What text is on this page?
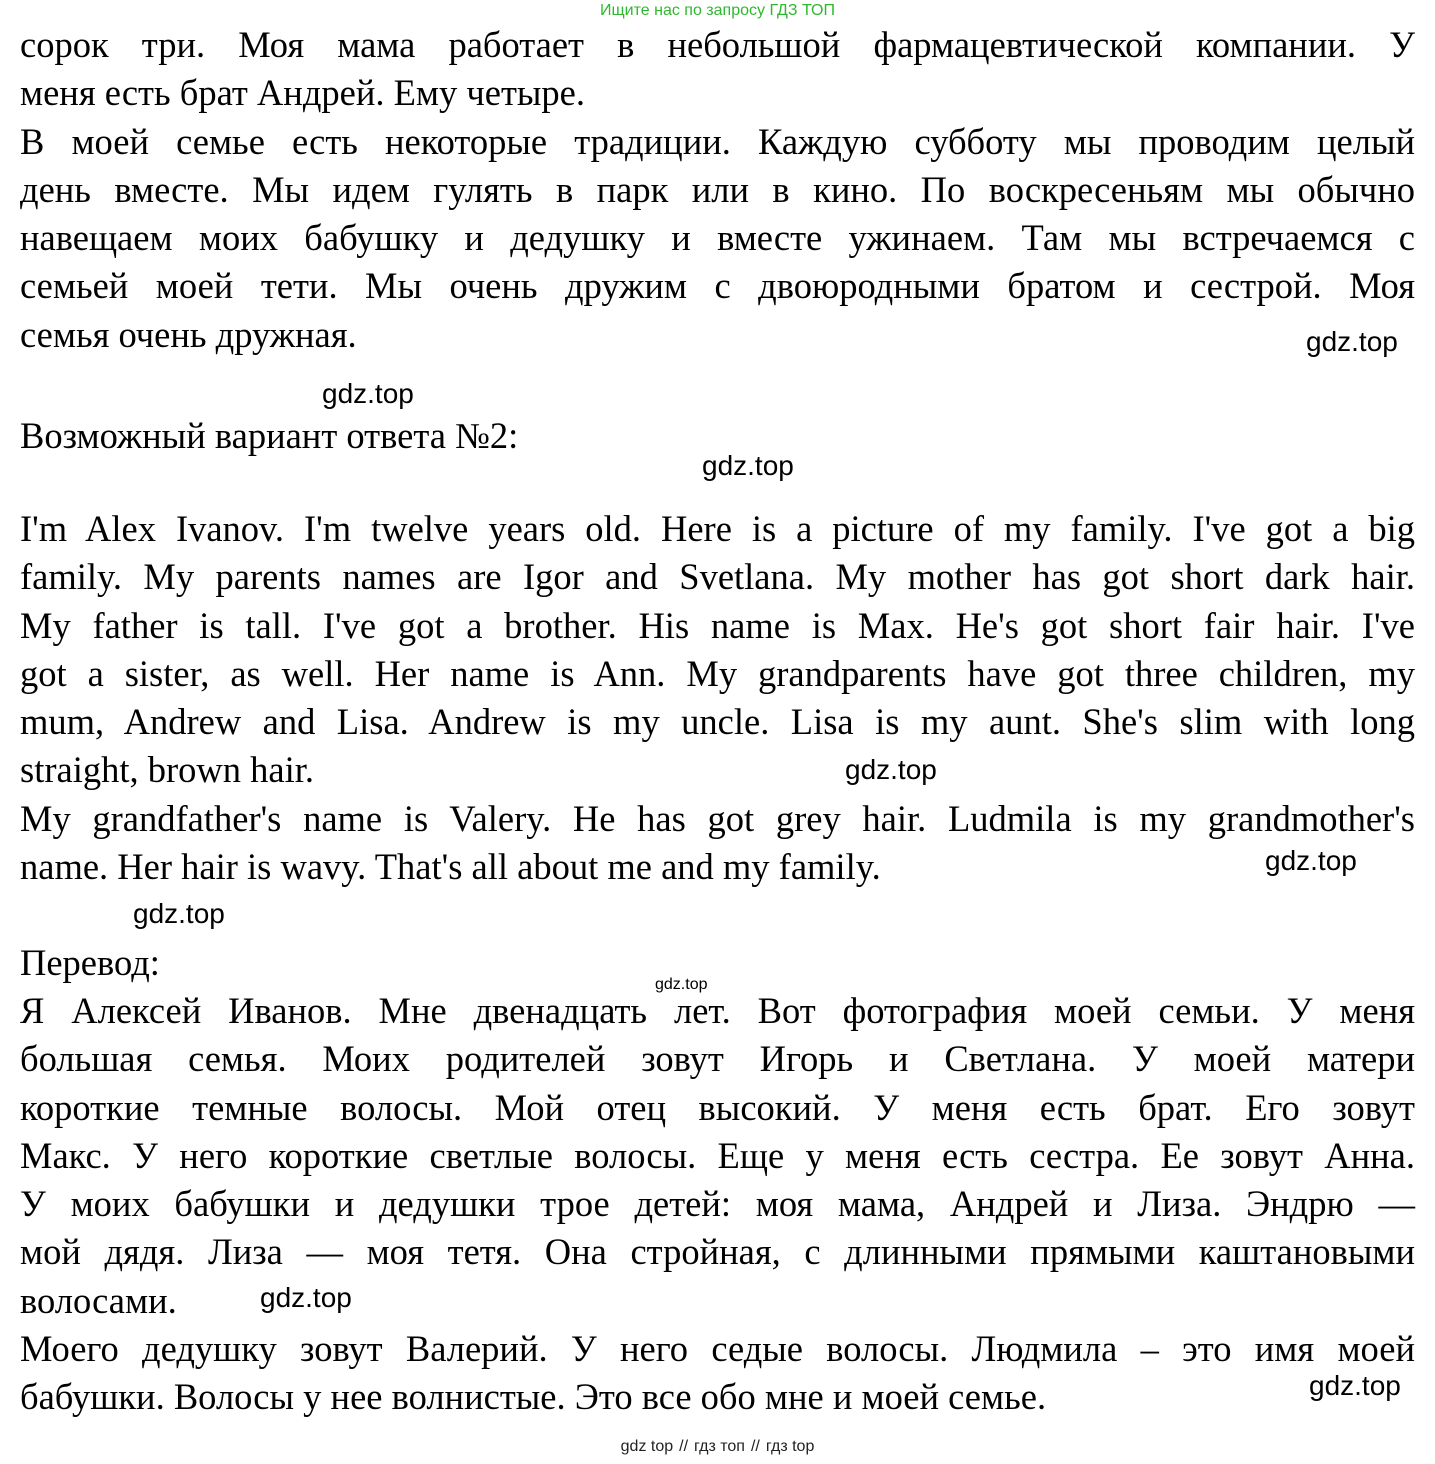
Ищите нас по запросу ГДЗ ТОП
сорок три. Моя мама работает в небольшой фармацевтической компании. У
меня есть брат Андрей. Ему четыре.
В моей семье есть некоторые традиции. Каждую субботу мы проводим целый
день вместе. Мы идем гулять в парк или в кино. По воскресеньям мы обычно
навещаем моих бабушку и дедушку и вместе ужинаем. Там мы встречаемся с
семьей моей тети. Мы очень дружим с двоюродными братом и сестрой. Моя
семья очень дружная.
Возможный вариант ответа №2:
I'm Alex Ivanov. I'm twelve years old. Here is a picture of my family. I've got a big
family. My parents names are Igor and Svetlana. My mother has got short dark hair.
My father is tall. I've got a brother. His name is Max. He's got short fair hair. I've
got a sister, as well. Her name is Ann. My grandparents have got three children, my
mum, Andrew and Lisa. Andrew is my uncle. Lisa is my aunt. She's slim with long
straight, brown hair.
My grandfather's name is Valery. He has got grey hair. Ludmila is my grandmother's
name. Her hair is wavy. That's all about me and my family.
Перевод:
Я Алексей Иванов. Мне двенадцать лет. Вот фотография моей семьи. У меня
большая семья. Моих родителей зовут Игорь и Светлана. У моей матери
короткие темные волосы. Мой отец высокий. У меня есть брат. Его зовут
Макс. У него короткие светлые волосы. Еще у меня есть сестра. Ее зовут Анна.
У моих бабушки и дедушки трое детей: моя мама, Андрей и Лиза. Эндрю —
мой дядя. Лиза — моя тетя. Она стройная, с длинными прямыми каштановыми
волосами.
Моего дедушку зовут Валерий. У него седые волосы. Людмила – это имя моей
бабушки. Волосы у нее волнистые. Это все обо мне и моей семье.
gdz.top
gdz.top
gdz.top
gdz.top
gdz.top
gdz.top
gdz.top
gdz.top
gdz.top
gdz top // гдз топ // гдз top
